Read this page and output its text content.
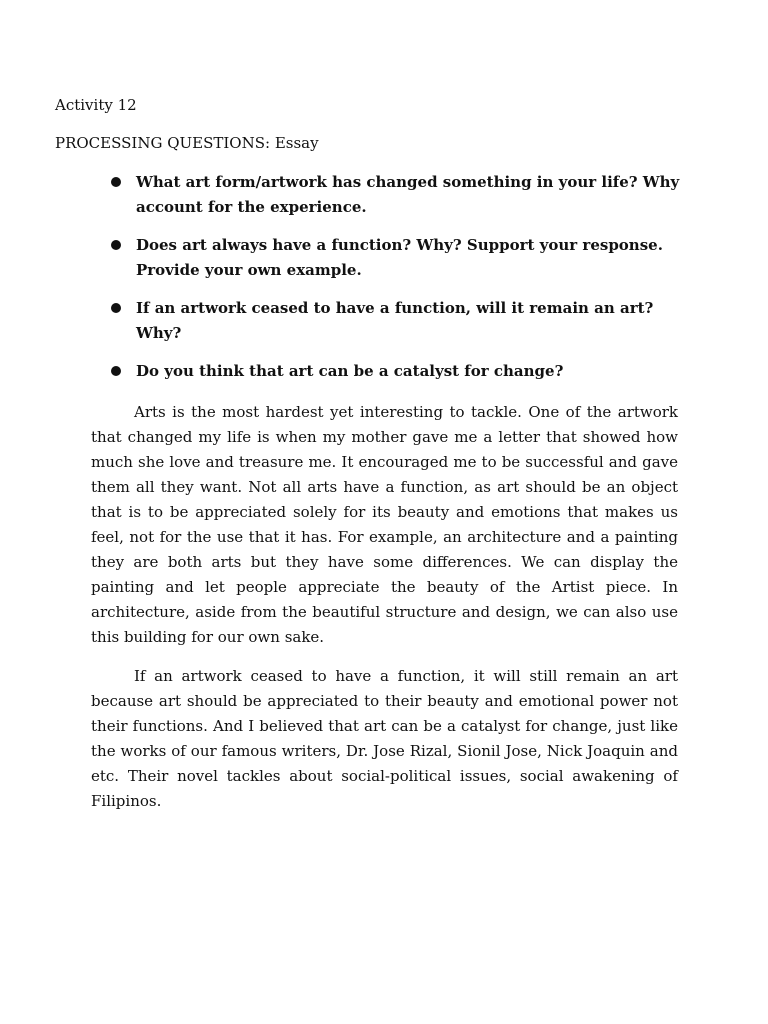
Activity 12
PROCESSING QUESTIONS: Essay
What art form/artwork has changed something in your life? Why account for the experience.
Does art always have a function? Why? Support your response. Provide your own example.
If an artwork ceased to have a function, will it remain an art? Why?
Do you think that art can be a catalyst for change?

Arts is the most hardest yet interesting to tackle. One of the artwork that changed my life is when my mother gave me a letter that showed how much she love and treasure me. It encouraged me to be successful and gave them all they want. Not all arts have a function, as art should be an object that is to be appreciated solely for its beauty and emotions that makes us feel, not for the use that it has. For example, an architecture and a painting they are both arts but they have some differences. We can display the painting and let people appreciate the beauty of the Artist piece. In architecture, aside from the beautiful structure and design, we can also use this building for our own sake.

If an artwork ceased to have a function, it will still remain an art because art should be appreciated to their beauty and emotional power not their functions. And I believed that art can be a catalyst for change, just like the works of our famous writers, Dr. Jose Rizal, Sionil Jose, Nick Joaquin and etc. Their novel tackles about social-political issues, social awakening of Filipinos.
